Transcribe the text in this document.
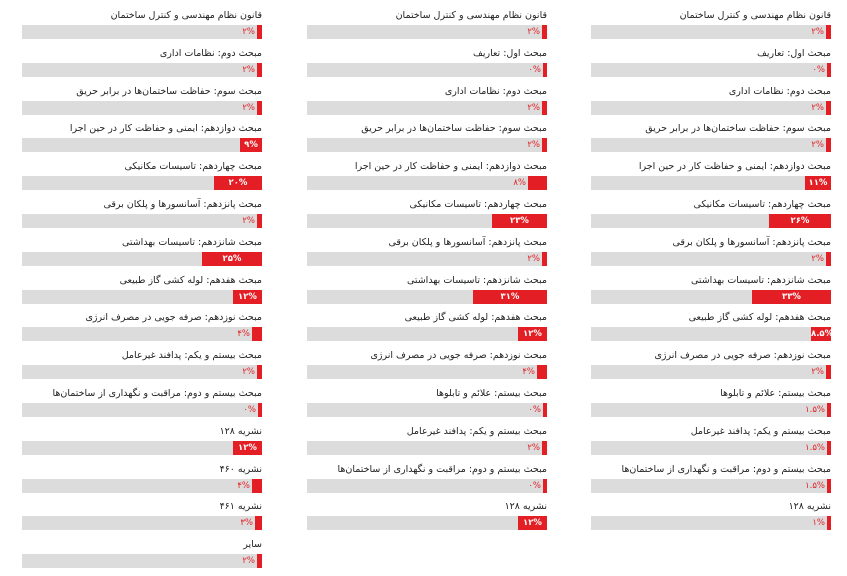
قانون نظام مهندسی و کنترل ساختمان
۲%
مبحث اول: تعاریف
۰%
مبحث دوم: نظامات اداری
۲%
مبحث سوم: حفاظت ساختمان‌ها در برابر حریق
۲%
مبحث دوازدهم: ایمنی و حفاظت کار در حین اجرا
۱۱%
مبحث چهاردهم: تاسیسات مکانیکی
۲۶%
مبحث پانزدهم: آسانسورها و پلکان برقی
۲%
مبحث شانزدهم: تاسیسات بهداشتی
۳۳%
مبحث هفدهم: لوله کشی گاز طبیعی
۸.۵%
مبحث نوزدهم: صرفه جویی در مصرف انرژی
۲%
مبحث بیستم: علائم و تابلوها
۱.۵%
مبحث بیستم و یکم: پدافند غیرعامل
۱.۵%
مبحث بیستم و دوم: مراقبت و نگهداری از ساختمان‌ها
۱.۵%
نشریه ۱۲۸
۱%
قانون نظام مهندسی و کنترل ساختمان
۲%
مبحث اول: تعاریف
۰%
مبحث دوم: نظامات اداری
۲%
مبحث سوم: حفاظت ساختمان‌ها در برابر حریق
۲%
مبحث دوازدهم: ایمنی و حفاظت کار در حین اجرا
۸%
مبحث چهاردهم: تاسیسات مکانیکی
۲۳%
مبحث پانزدهم: آسانسورها و پلکان برقی
۲%
مبحث شانزدهم: تاسیسات بهداشتی
۳۱%
مبحث هفدهم: لوله کشی گاز طبیعی
۱۲%
مبحث نوزدهم: صرفه جویی در مصرف انرژی
۴%
مبحث بیستم: علائم و تابلوها
۰%
مبحث بیستم و یکم: پدافند غیرعامل
۲%
مبحث بیستم و دوم: مراقبت و نگهداری از ساختمان‌ها
۰%
نشریه ۱۲۸
۱۲%
قانون نظام مهندسی و کنترل ساختمان
۲%
مبحث دوم: نظامات اداری
۲%
مبحث سوم: حفاظت ساختمان‌ها در برابر حریق
۲%
مبحث دوازدهم: ایمنی و حفاظت کار در حین اجرا
۹%
مبحث چهاردهم: تاسیسات مکانیکی
۲۰%
مبحث پانزدهم: آسانسورها و پلکان برقی
۲%
مبحث شانزدهم: تاسیسات بهداشتی
۲۵%
مبحث هفدهم: لوله کشی گاز طبیعی
۱۲%
مبحث نوزدهم: صرفه جویی در مصرف انرژی
۴%
مبحث بیستم و یکم: پدافند غیرعامل
۲%
مبحث بیستم و دوم: مراقبت و نگهداری از ساختمان‌ها
۰%
نشریه ۱۲۸
۱۲%
نشریه ۴۶۰
۴%
نشریه ۴۶۱
۳%
سایر
۲%
